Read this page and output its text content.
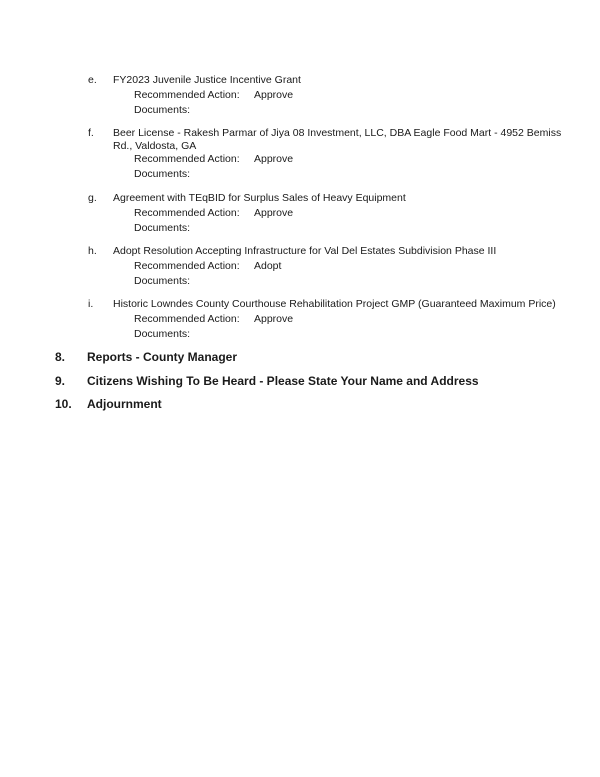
e. FY2023 Juvenile Justice Incentive Grant
Recommended Action: Approve
Documents:
f. Beer License - Rakesh Parmar of Jiya 08 Investment, LLC, DBA Eagle Food Mart - 4952 Bemiss Rd., Valdosta, GA
Recommended Action: Approve
Documents:
g. Agreement with TEqBID for Surplus Sales of Heavy Equipment
Recommended Action: Approve
Documents:
h. Adopt Resolution Accepting Infrastructure for Val Del Estates Subdivision Phase III
Recommended Action: Adopt
Documents:
i. Historic Lowndes County Courthouse Rehabilitation Project GMP (Guaranteed Maximum Price)
Recommended Action: Approve
Documents:
8. Reports - County Manager
9. Citizens Wishing To Be Heard - Please State Your Name and Address
10. Adjournment
